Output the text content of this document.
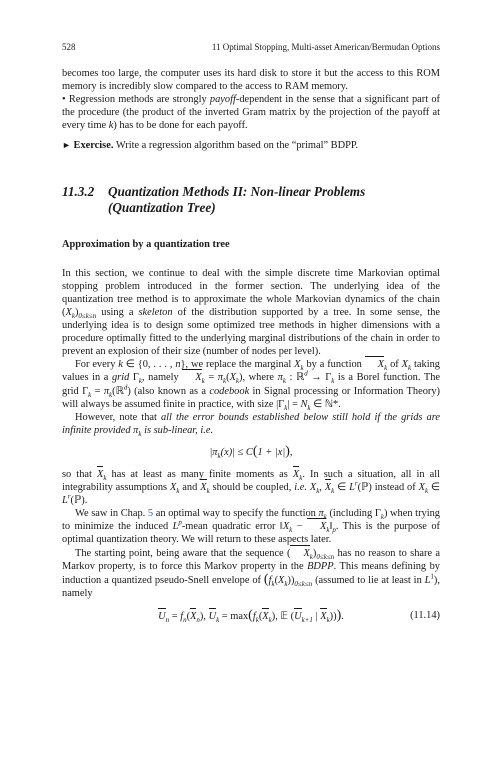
528	11 Optimal Stopping, Multi-asset American/Bermudan Options

becomes too large, the computer uses its hard disk to store it but the access to this ROM memory is incredibly slow compared to the access to RAM memory.

• Regression methods are strongly payoff-dependent in the sense that a significant part of the procedure (the product of the inverted Gram matrix by the projection of the payoff at every time k) has to be done for each payoff.

► Exercise. Write a regression algorithm based on the “primal” BDPP.

11.3.2	Quantization Methods II: Non-linear Problems (Quantization Tree)

Approximation by a quantization tree

In this section, we continue to deal with the simple discrete time Markovian optimal stopping problem introduced in the former section. The underlying idea of the quantization tree method is to approximate the whole Markovian dynamics of the chain $(X_k)_{0\le k\le n}$ using a skeleton of the distribution supported by a tree. In some sense, the underlying idea is to design some optimized tree methods in higher dimensions with a procedure optimally fitted to the underlying marginal distributions of the chain in order to prevent an explosion of their size (number of nodes per level).

For every k ∈ {0, . . . , n}, we replace the marginal $X_k$ by a function $X_k$ of $X_k$ taking values in a grid $\Gamma_k$, namely $X_k = \pi_k(X_k)$, where $\pi_k$ : ℝ$^d$ → $\Gamma_k$ is a Borel function. The grid $\Gamma_k$ = $\pi_k(ℝ^d)$ (also known as a codebook in Signal processing or Information Theory) will always be assumed finite in practice, with size $|\Gamma_k| = N_k$ ∈ ℕ*.

However, note that all the error bounds established below still hold if the grids are infinite provided $\pi_k$ is sub-linear, i.e.

$|\pi_k(x)| \le C(1 + |x|)$,

so that $X_k$ has at least as many finite moments as $X_k$. In such a situation, all in all integrability assumptions $X_k$ and $X_k$ should be coupled, i.e. $X_k$, $X_k$ ∈ $L^r(ℙ)$ instead of $X_k$ ∈ $L^r(ℙ)$.

We saw in Chap. 5 an optimal way to specify the function $\pi_k$ (including $\Gamma_k$) when trying to minimize the induced $L^p$-mean quadratic error $‖X_k$ − $X_k‖_p$. This is the purpose of optimal quantization theory. We will return to these aspects later.

The starting point, being aware that the sequence ( $X_k)_{0\le k\le n}$ has no reason to share a Markov property, is to force this Markov property in the BDPP. This means defining by induction a quantized pseudo-Snell envelope of $(f_k(X_k))_{0\le k\le n}$ (assumed to lie at least in $L^1$), namely

$U_n = f_n(X_n)$, $U_k = \max(f_k(X_k)$, 𝔼 ($U_{k+1}$ | $X_k$))).	(11.14)
